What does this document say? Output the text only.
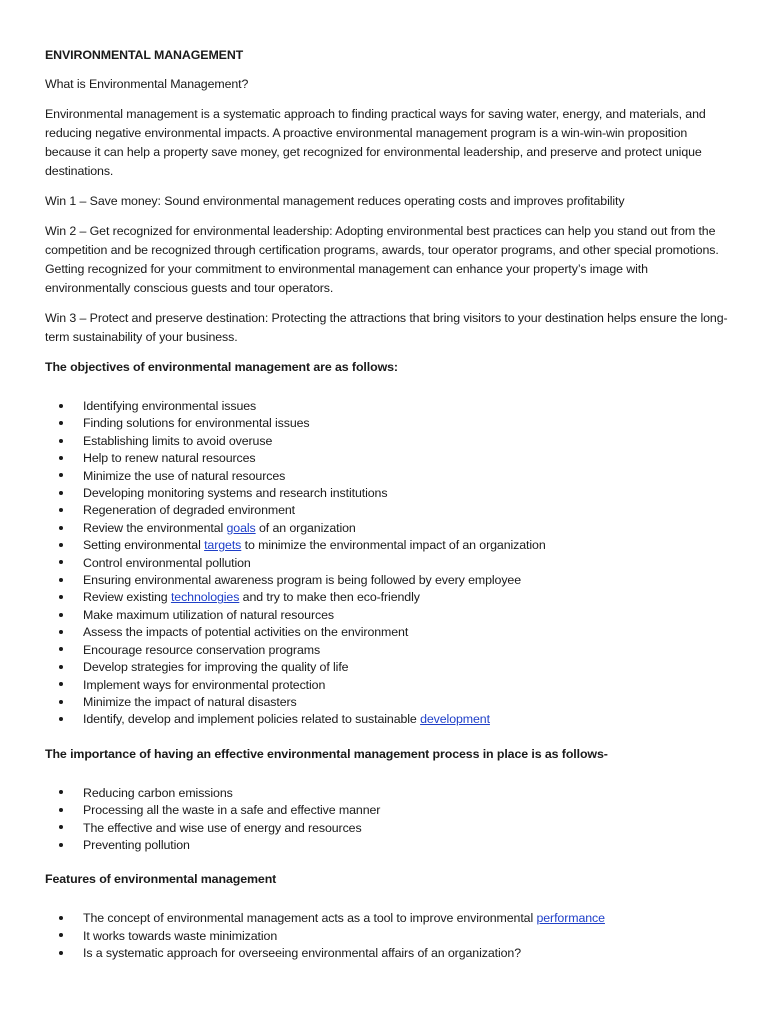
ENVIRONMENTAL MANAGEMENT
What is Environmental Management?
Environmental management is a systematic approach to finding practical ways for saving water, energy, and materials, and reducing negative environmental impacts. A proactive environmental management program is a win-win-win proposition because it can help a property save money, get recognized for environmental leadership, and preserve and protect unique destinations.
Win 1 – Save money: Sound environmental management reduces operating costs and improves profitability
Win 2 – Get recognized for environmental leadership: Adopting environmental best practices can help you stand out from the competition and be recognized through certification programs, awards, tour operator programs, and other special promotions. Getting recognized for your commitment to environmental management can enhance your property’s image with environmentally conscious guests and tour operators.
Win 3 – Protect and preserve destination: Protecting the attractions that bring visitors to your destination helps ensure the long-term sustainability of your business.
The objectives of environmental management are as follows:
Identifying environmental issues
Finding solutions for environmental issues
Establishing limits to avoid overuse
Help to renew natural resources
Minimize the use of natural resources
Developing monitoring systems and research institutions
Regeneration of degraded environment
Review the environmental goals of an organization
Setting environmental targets to minimize the environmental impact of an organization
Control environmental pollution
Ensuring environmental awareness program is being followed by every employee
Review existing technologies and try to make then eco-friendly
Make maximum utilization of natural resources
Assess the impacts of potential activities on the environment
Encourage resource conservation programs
Develop strategies for improving the quality of life
Implement ways for environmental protection
Minimize the impact of natural disasters
Identify, develop and implement policies related to sustainable development
The importance of having an effective environmental management process in place is as follows-
Reducing carbon emissions
Processing all the waste in a safe and effective manner
The effective and wise use of energy and resources
Preventing pollution
Features of environmental management
The concept of environmental management acts as a tool to improve environmental performance
It works towards waste minimization
Is a systematic approach for overseeing environmental affairs of an organization?
